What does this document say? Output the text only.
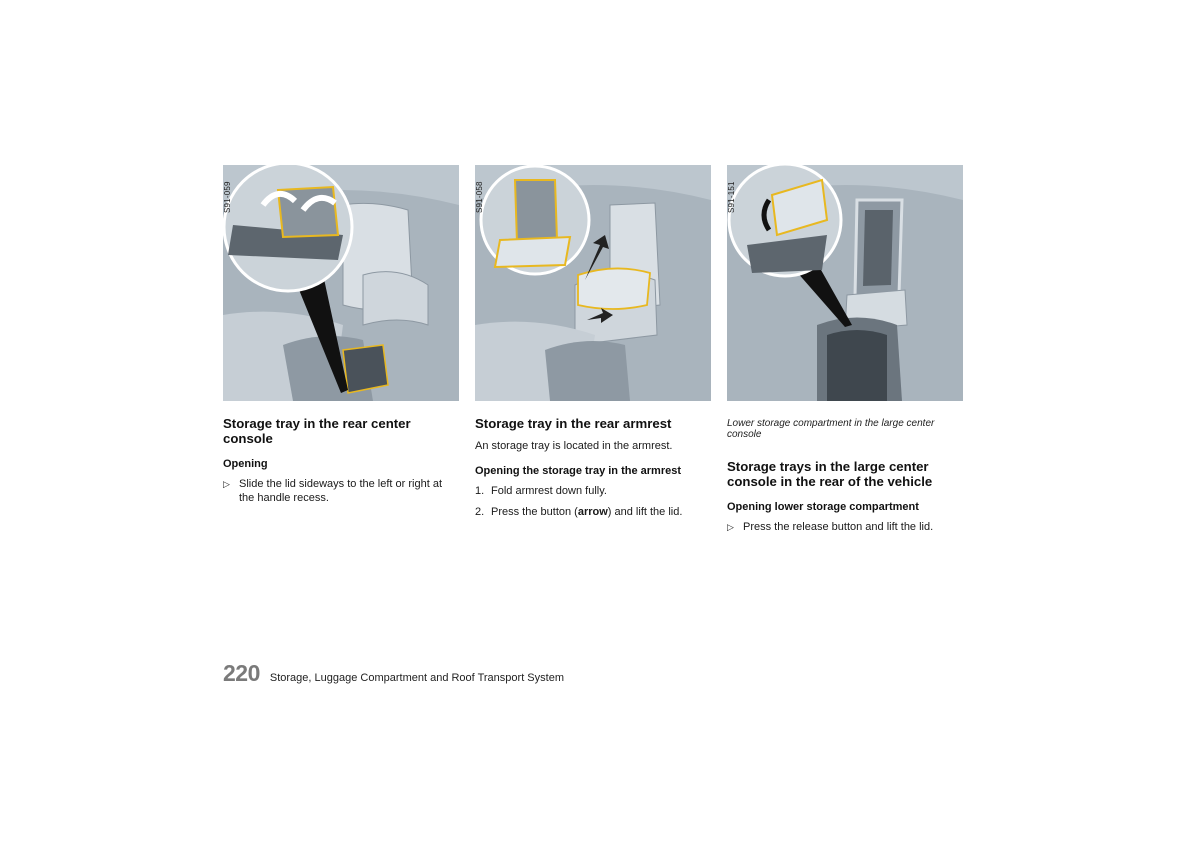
S91-059
Storage tray in the rear center console
Opening
▷ Slide the lid sideways to the left or right at the handle recess.
S91-058
Storage tray in the rear armrest

An storage tray is located in the armrest.

Opening the storage tray in the armrest
1. Fold armrest down fully.
2. Press the button (arrow) and lift the lid.
S91-151
Lower storage compartment in the large center console
Storage trays in the large center console in the rear of the vehicle
Opening lower storage compartment
▷ Press the release button and lift the lid.
220 Storage, Luggage Compartment and Roof Transport System
